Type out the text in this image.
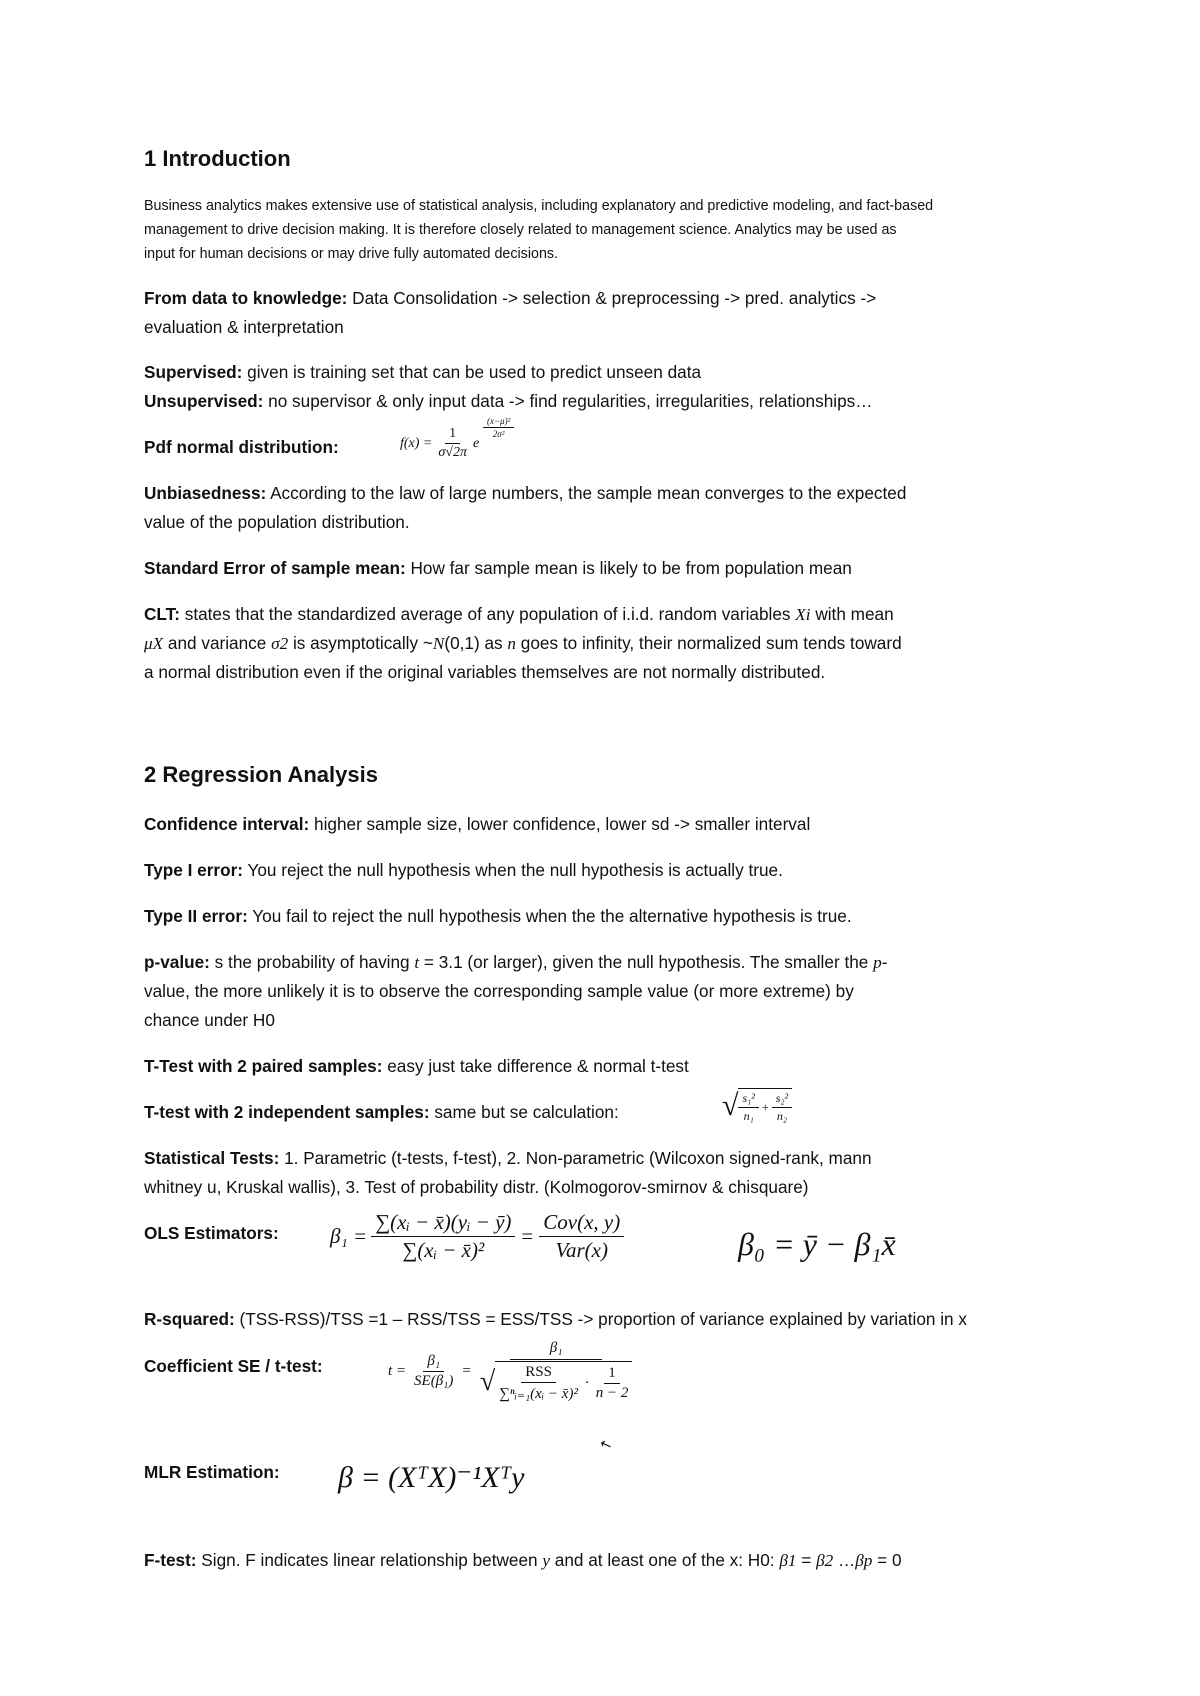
1 Introduction
Business analytics makes extensive use of statistical analysis, including explanatory and predictive modeling, and fact-based
management to drive decision making. It is therefore closely related to management science. Analytics may be used as
input for human decisions or may drive fully automated decisions.
From data to knowledge: Data Consolidation -> selection & preprocessing -> pred. analytics ->
evaluation & interpretation
Supervised: given is training set that can be used to predict unseen data
Unsupervised: no supervisor & only input data -> find regularities, irregularities, relationships…
Pdf normal distribution:	$f(x) = \frac{1}{\sigma√2\pi}$ e
$\frac{\text{(x−μ)²}}{\text{2σ²}}$
Unbiasedness: According to the law of large numbers, the sample mean converges to the expected
value of the population distribution.
Standard Error of sample mean: How far sample mean is likely to be from population mean
CLT: states that the standardized average of any population of i.i.d. random variables Xi with mean
μX and variance σ2 is asymptotically ~N(0,1) as n goes to infinity, their normalized sum tends toward
a normal distribution even if the original variables themselves are not normally distributed.
2 Regression Analysis
Confidence interval: higher sample size, lower confidence, lower sd -> smaller interval
Type I error: You reject the null hypothesis when the null hypothesis is actually true.
Type II error: You fail to reject the null hypothesis when the the alternative hypothesis is true.
p-value: s the probability of having t = 3.1 (or larger), given the null hypothesis. The smaller the p-
value, the more unlikely it is to observe the corresponding sample value (or more extreme) by
chance under H0
T-Test with 2 paired samples: easy just take difference & normal t-test
T-test with 2 independent samples: same but se calculation:	√ $\frac{\text{s₁²}}{\text{n₁}} + \frac{\text{s₂²}}{\text{n₂}}$
Statistical Tests: 1. Parametric (t-tests, f-test), 2. Non-parametric (Wilcoxon signed-rank, mann
whitney u, Kruskal wallis), 3. Test of probability distr. (Kolmogorov-smirnov & chisquare)
OLS Estimators: $\beta_1 = \frac{\text{∑(xᵢ − x̄)(yᵢ − ȳ)}}{\text{∑(xᵢ − x̄)²}} = \frac{\text{Cov(x, y)}}{\text{Var(x)}}$	β₀ = ȳ − β₁x̄
R-squared: (TSS-RSS)/TSS =1 – RSS/TSS = ESS/TSS -> proportion of variance explained by variation in x
Coefficient SE / t-test:	$t = \frac{\text{β₁}}{\text{SE(β₁)}}$ =
β₁
√ $\frac{\text{RSS}}{\text{∑ⁿᵢ₌₁(xᵢ − x̄)²}} \cdot \frac{1}{n - 2}$
↖
MLR Estimation: β = (XᵀX)⁻¹Xᵀy
F-test: Sign. F indicates linear relationship between y and at least one of the x: H0: β1 = β2 …βp = 0
